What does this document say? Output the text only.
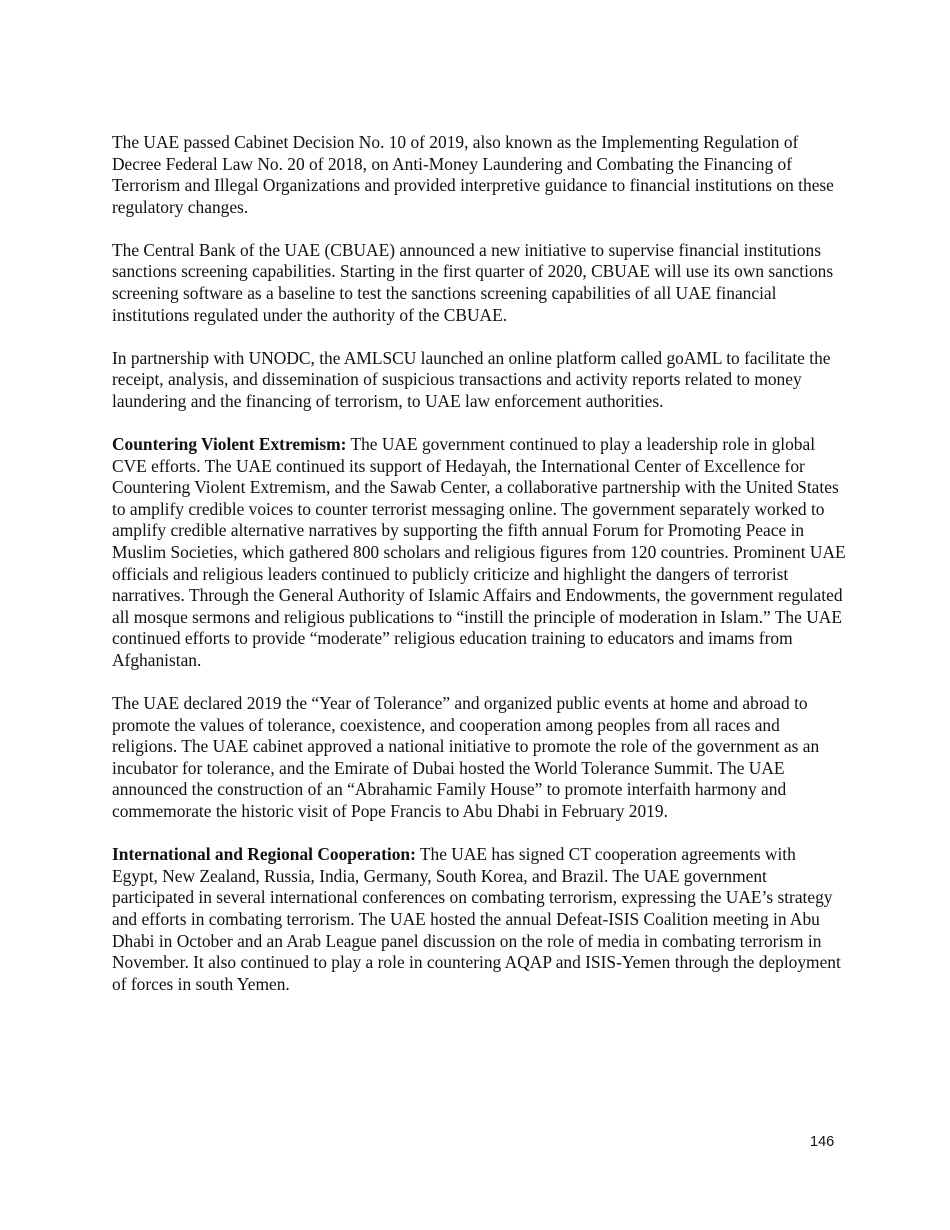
The UAE passed Cabinet Decision No. 10 of 2019, also known as the Implementing Regulation of Decree Federal Law No. 20 of 2018, on Anti-Money Laundering and Combating the Financing of Terrorism and Illegal Organizations and provided interpretive guidance to financial institutions on these regulatory changes.

The Central Bank of the UAE (CBUAE) announced a new initiative to supervise financial institutions sanctions screening capabilities. Starting in the first quarter of 2020, CBUAE will use its own sanctions screening software as a baseline to test the sanctions screening capabilities of all UAE financial institutions regulated under the authority of the CBUAE.

In partnership with UNODC, the AMLSCU launched an online platform called goAML to facilitate the receipt, analysis, and dissemination of suspicious transactions and activity reports related to money laundering and the financing of terrorism, to UAE law enforcement authorities.

Countering Violent Extremism: The UAE government continued to play a leadership role in global CVE efforts. The UAE continued its support of Hedayah, the International Center of Excellence for Countering Violent Extremism, and the Sawab Center, a collaborative partnership with the United States to amplify credible voices to counter terrorist messaging online. The government separately worked to amplify credible alternative narratives by supporting the fifth annual Forum for Promoting Peace in Muslim Societies, which gathered 800 scholars and religious figures from 120 countries. Prominent UAE officials and religious leaders continued to publicly criticize and highlight the dangers of terrorist narratives. Through the General Authority of Islamic Affairs and Endowments, the government regulated all mosque sermons and religious publications to “instill the principle of moderation in Islam.” The UAE continued efforts to provide “moderate” religious education training to educators and imams from Afghanistan.

The UAE declared 2019 the “Year of Tolerance” and organized public events at home and abroad to promote the values of tolerance, coexistence, and cooperation among peoples from all races and religions. The UAE cabinet approved a national initiative to promote the role of the government as an incubator for tolerance, and the Emirate of Dubai hosted the World Tolerance Summit. The UAE announced the construction of an “Abrahamic Family House” to promote interfaith harmony and commemorate the historic visit of Pope Francis to Abu Dhabi in February 2019.

International and Regional Cooperation: The UAE has signed CT cooperation agreements with Egypt, New Zealand, Russia, India, Germany, South Korea, and Brazil. The UAE government participated in several international conferences on combating terrorism, expressing the UAE’s strategy and efforts in combating terrorism. The UAE hosted the annual Defeat-ISIS Coalition meeting in Abu Dhabi in October and an Arab League panel discussion on the role of media in combating terrorism in November. It also continued to play a role in countering AQAP and ISIS-Yemen through the deployment of forces in south Yemen.

146
